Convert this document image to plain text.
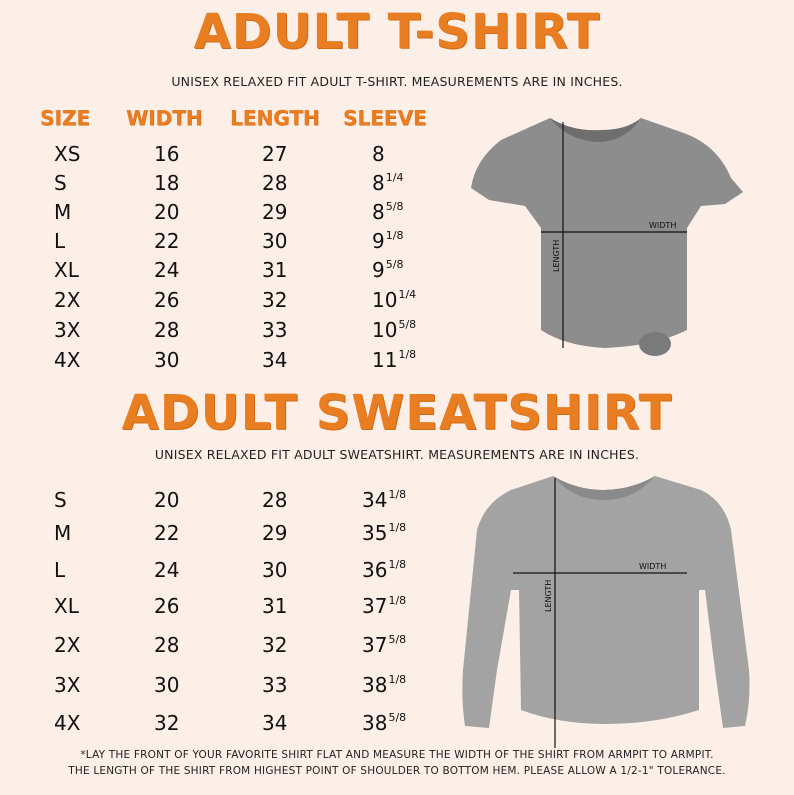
ADULT T-SHIRT
UNISEX RELAXED FIT ADULT T-SHIRT. MEASUREMENTS ARE IN INCHES.
SIZE WIDTH LENGTH SLEEVE
XS	16	27	8
S	18	28	$8^{1/4}$
M	20	29	$8^{5/8}$
L	22	30	$9^{1/8}$
XL	24	31	$9^{5/8}$
2X	26	32	$10^{1/4}$
3X	28	33	$10^{5/8}$
4X	30	34	$11^{1/8}$
S	20	28	$34^{1/8}$
M	22	29	$35^{1/8}$
L	24	30	$36^{1/8}$
XL	26	31	$37^{1/8}$
2X	28	32	$37^{5/8}$
3X	30	33	$38^{1/8}$
4X	32	34	$38^{5/8}$
WIDTH
LENGTH
ADULT SWEATSHIRT
UNISEX RELAXED FIT ADULT SWEATSHIRT. MEASUREMENTS ARE IN INCHES.
WIDTH
LENGTH
*LAY THE FRONT OF YOUR FAVORITE SHIRT FLAT AND MEASURE THE WIDTH OF THE SHIRT FROM ARMPIT TO ARMPIT.
THE LENGTH OF THE SHIRT FROM HIGHEST POINT OF SHOULDER TO BOTTOM HEM. PLEASE ALLOW A 1/2-1" TOLERANCE.
